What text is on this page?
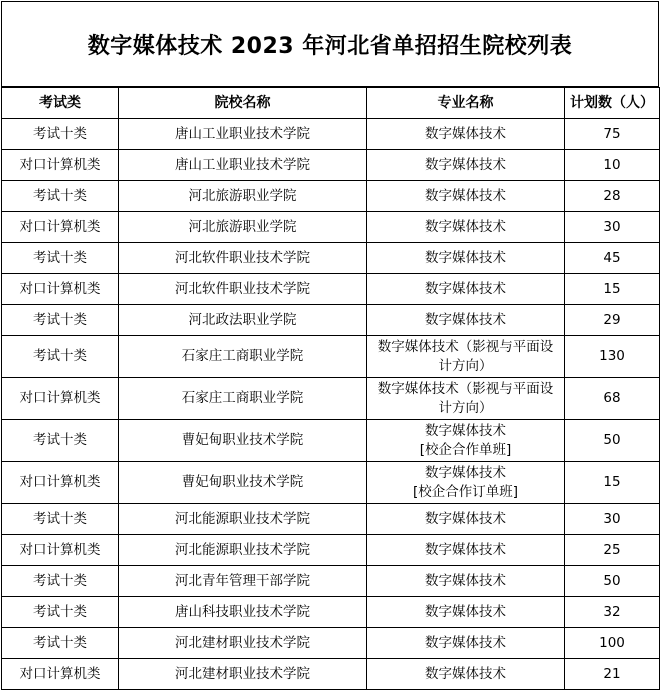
数字媒体技术 2023 年河北省单招招生院校列表
考试类	院校名称	专业名称	计划数（人）

考试十类	唐山工业职业技术学院	数字媒体技术	75

对口计算机类	唐山工业职业技术学院	数字媒体技术	10

考试十类	河北旅游职业学院	数字媒体技术	28

对口计算机类	河北旅游职业学院	数字媒体技术	30

考试十类	河北软件职业技术学院	数字媒体技术	45

对口计算机类	河北软件职业技术学院	数字媒体技术	15

考试十类	河北政法职业学院	数字媒体技术	29

考试十类	石家庄工商职业学院	数字媒体技术（影视与平面设
计方向）	130

对口计算机类	石家庄工商职业学院	数字媒体技术（影视与平面设
计方向）	68

考试十类	曹妃甸职业技术学院	数字媒体技术
[校企合作单班]	50

对口计算机类	曹妃甸职业技术学院	数字媒体技术
[校企合作订单班]	15

考试十类	河北能源职业技术学院	数字媒体技术	30

对口计算机类	河北能源职业技术学院	数字媒体技术	25

考试十类	河北青年管理干部学院	数字媒体技术	50

考试十类	唐山科技职业技术学院	数字媒体技术	32

考试十类	河北建材职业技术学院	数字媒体技术	100

对口计算机类	河北建材职业技术学院	数字媒体技术	21
